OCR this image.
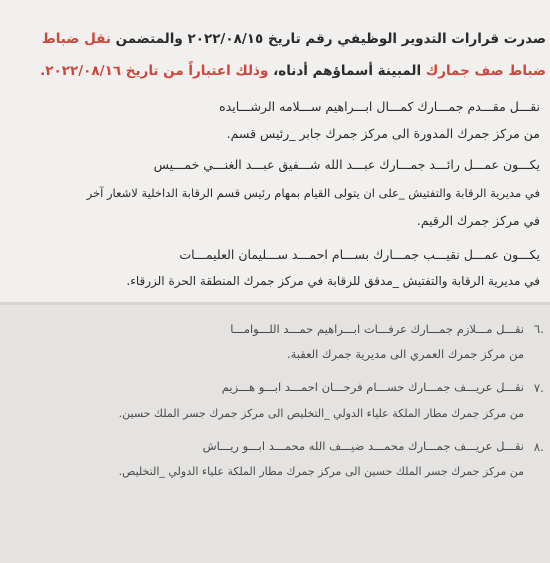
صدرت قرارات التدوير الوظيفي رقم تاريخ ٢٠٢٢/٠٨/١٥ والمتضمن نقل ضباط
ضباط صف جمارك المبينة أسماؤهم أدناه، وذلك اعتباراً من تاريخ ٢٠٢٢/٠٨/١٦.
نقـــل مقـــدم جمـــارك كمـــال ابـــراهيم ســـلامه الرشـــايده
من مركز جمرك المدورة الى مركز جمرك جابر _رئيس قسم.
يكـــون عمـــل رائـــد جمـــارك عبـــد الله شـــفيق عبـــد الغنـــي خمـــيس
في مديرية الرقابة والتفتيش _على ان يتولى القيام بمهام رئيس قسم الرقابة الداخلية لاشعار آخر
في مركز جمرك الرقيم.
يكـــون عمـــل نقيـــب جمـــارك بســـام احمـــد ســـليمان العليمـــات
في مديرية الرقابة والتفتيش _مدقق للرقابة في مركز جمرك المنطقة الحرة الزرقاء.
٦.
نقـــل مـــلازم جمـــارك عرفـــات ابـــراهيم حمـــد اللـــوامـــا
من مركز جمرك العمري الى مديرية جمرك العقبة.
٧.
نقـــل عريـــف جمـــارك حســـام فرحـــان احمـــد ابـــو هـــزيم
من مركز جمرك مطار الملكة علياء الدولي _التخليص الى مركز جمرك جسر الملك حسين.
٨.
نقـــل عريـــف جمـــارك محمـــد ضيـــف الله محمـــد ابـــو ريـــاش
من مركز جمرك جسر الملك حسين الى مركز جمرك مطار الملكة علياء الدولي _التخليص.
